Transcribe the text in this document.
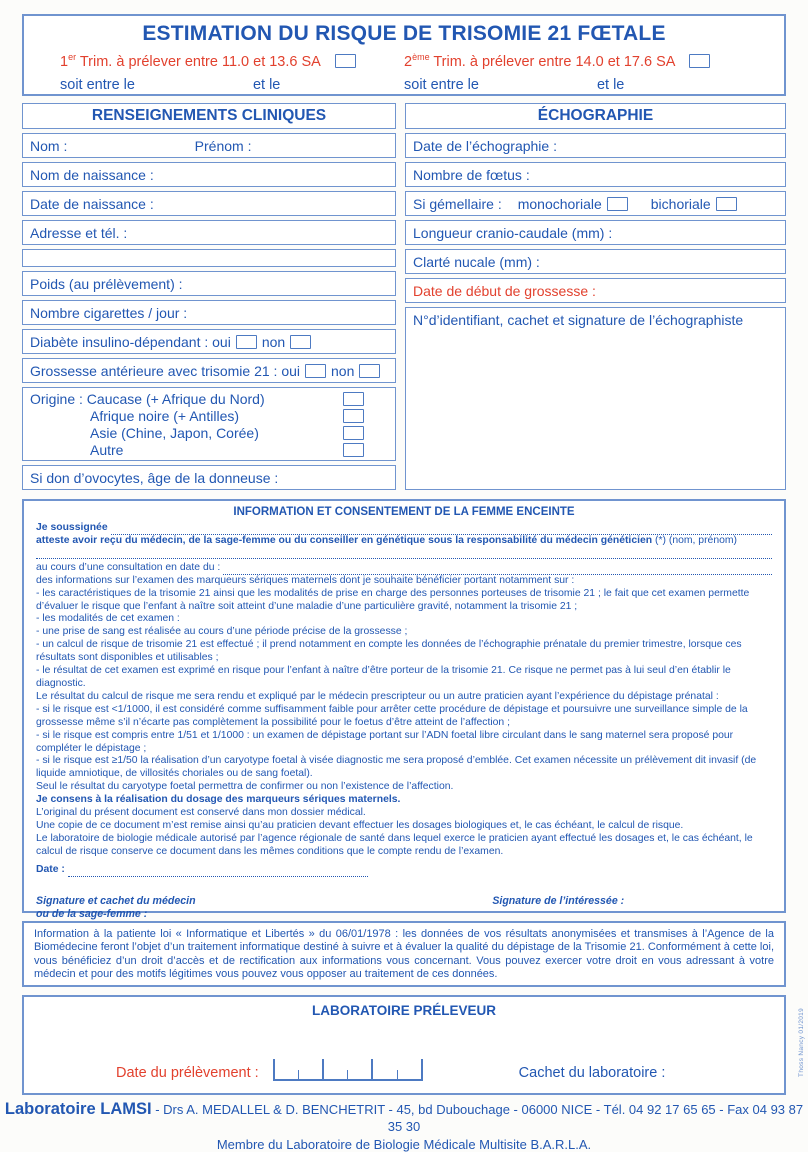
ESTIMATION DU RISQUE DE TRISOMIE 21 FŒTALE
1er Trim. à prélever entre 11.0 et 13.6 SA	2ème Trim. à prélever entre 14.0 et 17.6 SA
soit entre le	et le	soit entre le	et le
RENSEIGNEMENTS CLINIQUES
Nom :	Prénom :
Nom de naissance :
Date de naissance :
Adresse et tél. :
Poids (au prélèvement) :
Nombre cigarettes / jour :
Diabète insulino-dépendant : oui non
Grossesse antérieure avec trisomie 21 : oui non
Origine : Caucase (+ Afrique du Nord)
Afrique noire (+ Antilles)
Asie (Chine, Japon, Corée)
Autre
Si don d’ovocytes, âge de la donneuse :
ÉCHOGRAPHIE
Date de l’échographie :
Nombre de fœtus :
Si gémellaire : monochoriale	bichoriale
Longueur cranio-caudale (mm) :
Clarté nucale (mm) :
Date de début de grossesse :
N°d’identifiant, cachet et signature de l’échographiste
INFORMATION ET CONSENTEMENT DE LA FEMME ENCEINTE
Je soussignée
atteste avoir reçu du médecin, de la sage-femme ou du conseiller en génétique sous la responsabilité du médecin généticien (*) (nom, prénom)
au cours d’une consultation en date du :
des informations sur l’examen des marqueurs sériques maternels dont je souhaite bénéficier portant notamment sur :
- les caractéristiques de la trisomie 21 ainsi que les modalités de prise en charge des personnes porteuses de trisomie 21 ; le fait que cet examen permette d’évaluer le risque que l’enfant à naître soit atteint d’une maladie d’une particulière gravité, notamment la trisomie 21 ;
- les modalités de cet examen :
- une prise de sang est réalisée au cours d’une période précise de la grossesse ;
- un calcul de risque de trisomie 21 est effectué ; il prend notamment en compte les données de l’échographie prénatale du premier trimestre, lorsque ces résultats sont disponibles et utilisables ;
- le résultat de cet examen est exprimé en risque pour l’enfant à naître d’être porteur de la trisomie 21. Ce risque ne permet pas à lui seul d’en établir le diagnostic.
Le résultat du calcul de risque me sera rendu et expliqué par le médecin prescripteur ou un autre praticien ayant l’expérience du dépistage prénatal :
- si le risque est <1/1000, il est considéré comme suffisamment faible pour arrêter cette procédure de dépistage et poursuivre une surveillance simple de la grossesse même s’il n’écarte pas complètement la possibilité pour le foetus d’être atteint de l’affection ;
- si le risque est compris entre 1/51 et 1/1000 : un examen de dépistage portant sur l’ADN foetal libre circulant dans le sang maternel sera proposé pour compléter le dépistage ;
- si le risque est ≥1/50 la réalisation d’un caryotype foetal à visée diagnostic me sera proposé d’emblée. Cet examen nécessite un prélèvement dit invasif (de liquide amniotique, de villosités choriales ou de sang foetal).
Seul le résultat du caryotype foetal permettra de confirmer ou non l’existence de l’affection.
Je consens à la réalisation du dosage des marqueurs sériques maternels.
L’original du présent document est conservé dans mon dossier médical.
Une copie de ce document m’est remise ainsi qu’au praticien devant effectuer les dosages biologiques et, le cas échéant, le calcul de risque.
Le laboratoire de biologie médicale autorisé par l’agence régionale de santé dans lequel exerce le praticien ayant effectué les dosages et, le cas échéant, le calcul de risque conserve ce document dans les mêmes conditions que le compte rendu de l’examen.
Date :
Signature et cachet du médecin
ou de la sage-femme :
Signature de l’intéressée :
Information à la patiente loi « Informatique et Libertés » du 06/01/1978 : les données de vos résultats anonymisées et transmises à l’Agence de la Biomédecine feront l’objet d’un traitement informatique destiné à suivre et à évaluer la qualité du dépistage de la Trisomie 21. Conformément à cette loi, vous bénéficiez d’un droit d’accès et de rectification aux informations vous concernant. Vous pouvez exercer votre droit en vous adressant à votre médecin et pour des motifs légitimes vous pouvez vous opposer au traitement de ces données.
LABORATOIRE PRÉLEVEUR
Date du prélèvement :	Cachet du laboratoire :
Laboratoire LAMSI - Drs A. MEDALLEL & D. BENCHETRIT - 45, bd Dubouchage - 06000 NICE - Tél. 04 92 17 65 65 - Fax 04 93 87 35 30
Membre du Laboratoire de Biologie Médicale Multisite B.A.R.L.A.
Thoss Nancy 01/2019
